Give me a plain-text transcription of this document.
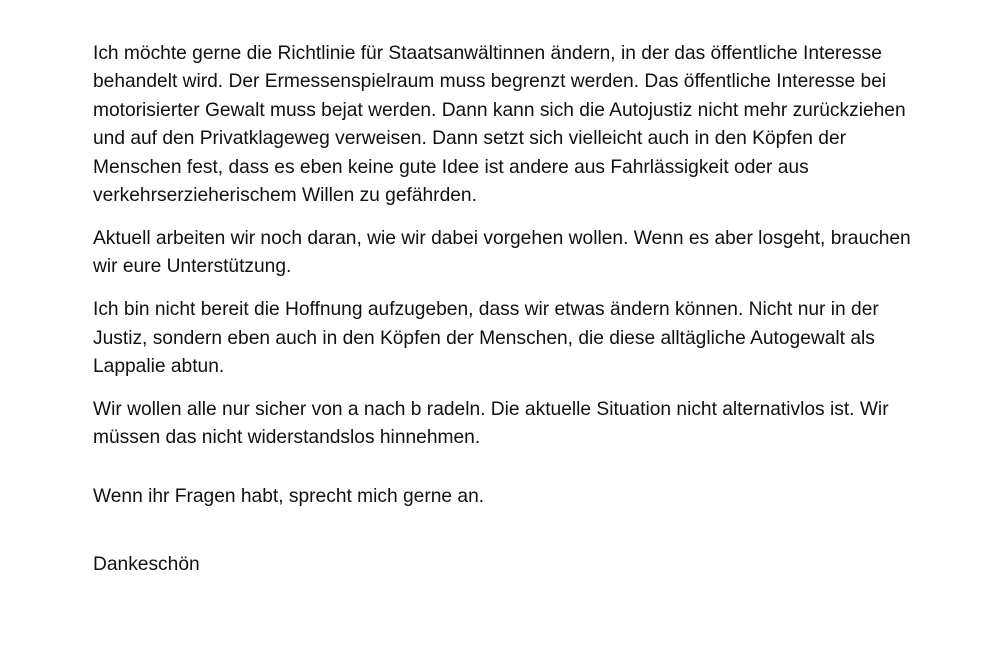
Ich möchte gerne die Richtlinie für Staatsanwältinnen ändern, in der das öffentliche Interesse behandelt wird. Der Ermessenspielraum muss begrenzt werden. Das öffentliche Interesse bei motorisierter Gewalt muss bejat werden. Dann kann sich die Autojustiz nicht mehr zurückziehen und auf den Privatklageweg verweisen. Dann setzt sich vielleicht auch in den Köpfen der Menschen fest, dass es eben keine gute Idee ist andere aus Fahrlässigkeit oder aus verkehrserzieherischem Willen zu gefährden.

Aktuell arbeiten wir noch daran, wie wir dabei vorgehen wollen. Wenn es aber losgeht, brauchen wir eure Unterstützung.

Ich bin nicht bereit die Hoffnung aufzugeben, dass wir etwas ändern können. Nicht nur in der Justiz, sondern eben auch in den Köpfen der Menschen, die diese alltägliche Autogewalt als Lappalie abtun.

Wir wollen alle nur sicher von a nach b radeln. Die aktuelle Situation nicht alternativlos ist. Wir müssen das nicht widerstandslos hinnehmen.

Wenn ihr Fragen habt, sprecht mich gerne an.

Dankeschön
